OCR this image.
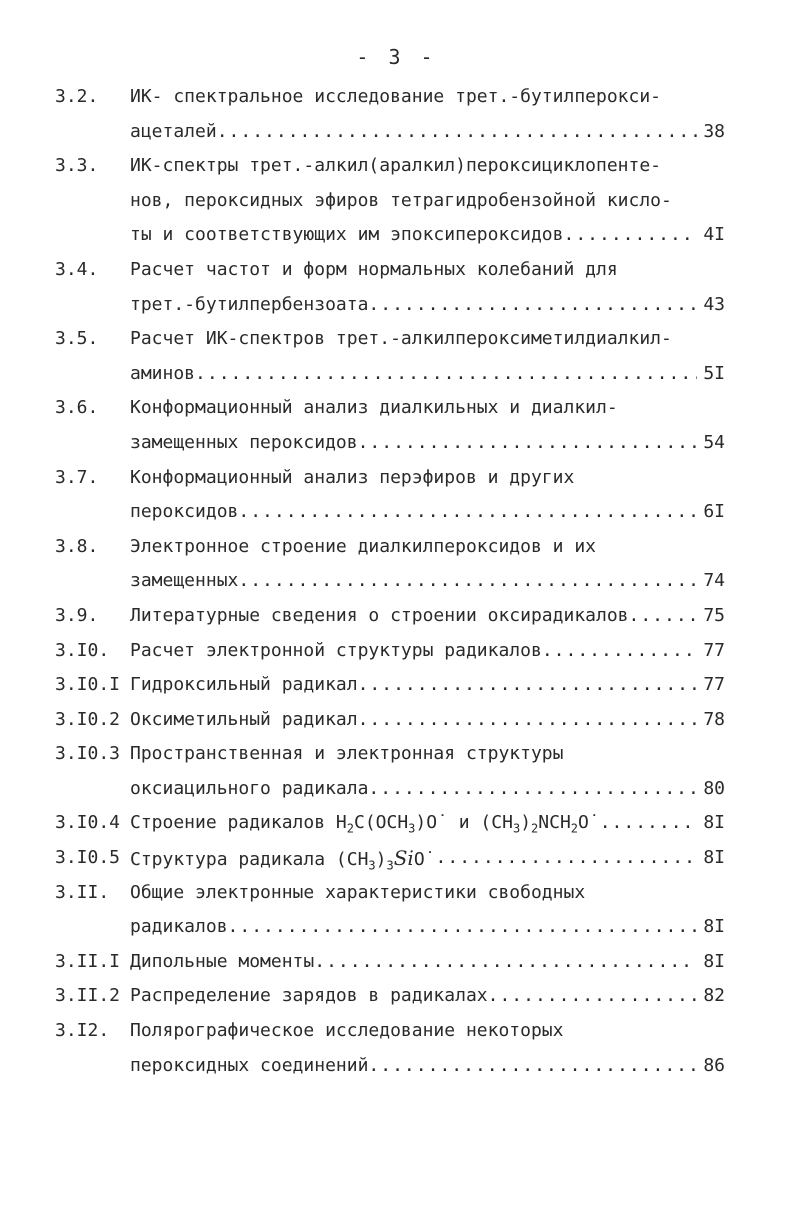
- 3 -
3.2. ИК- спектральное исследование трет.-бутилперокси-
ацеталей .....	38
3.3. ИК-спектры трет.-алкил(аралкил)пероксициклопенте-
нов, пероксидных эфиров тетрагидробензойной кисло-
ты и соответствующих им эпоксипероксидов .....	4I
3.4. Расчет частот и форм нормальных колебаний для
трет.-бутилпербензоата .....	43
3.5. Расчет ИК-спектров трет.-алкилпероксиметилдиалкил-
аминов .....	5I
3.6. Конформационный анализ диалкильных и диалкил-
замещенных пероксидов .....	54
3.7. Конформационный анализ перэфиров и других
пероксидов .....	6I
3.8. Электронное строение диалкилпероксидов и их
замещенных .....	74
3.9. Литературные сведения о строении оксирадикалов .....	75
3.I0. Расчет электронной структуры радикалов .....	77
3.I0.I Гидроксильный радикал .....	77
3.I0.2 Оксиметильный радикал .....	78
3.I0.3 Пространственная и электронная структуры
оксиацильного радикала .....	80
3.I0.4 Строение радикалов $H_2C(OCH_3)O˙$ и $(CH_3)_2NCH_2O˙$ .....	8I
3.I0.5 Структура радикала $(CH_3)_3SiO˙$ .....	8I
3.II. Общие электронные характеристики свободных
радикалов .....	8I
3.II.I Дипольные моменты .....	8I
3.II.2 Распределение зарядов в радикалах .....	82
3.I2. Полярографическое исследование некоторых
пероксидных соединений .....	86
